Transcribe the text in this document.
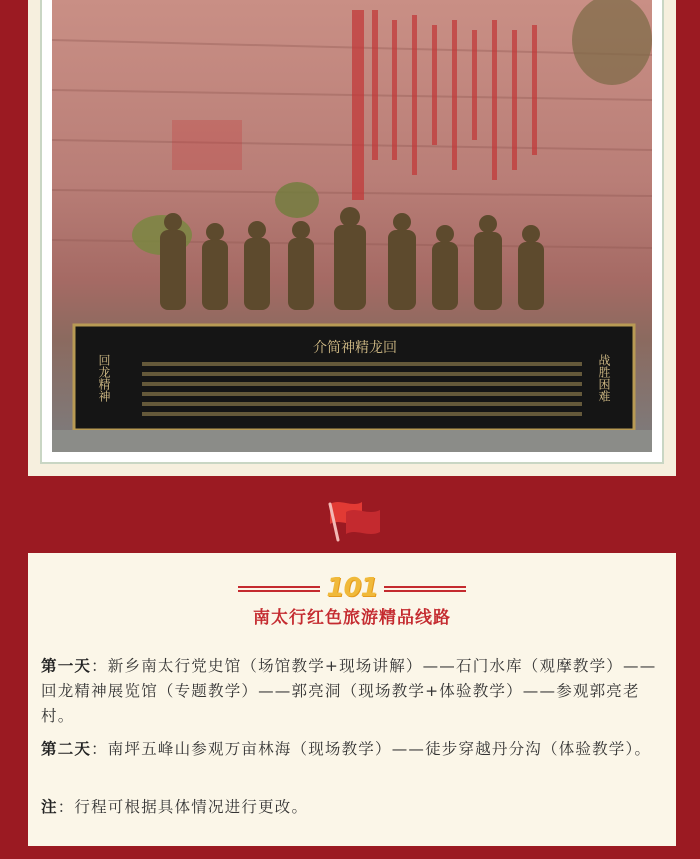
介简神精龙回
回龙精神	战胜困难
101
南太行红色旅游精品线路
第一天：新乡南太行党史馆（场馆教学+现场讲解）——石门水库（观摩教学）——回龙精神展览馆（专题教学）——郭亮洞（现场教学+体验教学）——参观郭亮老村。
第二天：南坪五峰山参观万亩林海（现场教学）——徒步穿越丹分沟（体验教学）。
注：行程可根据具体情况进行更改。
